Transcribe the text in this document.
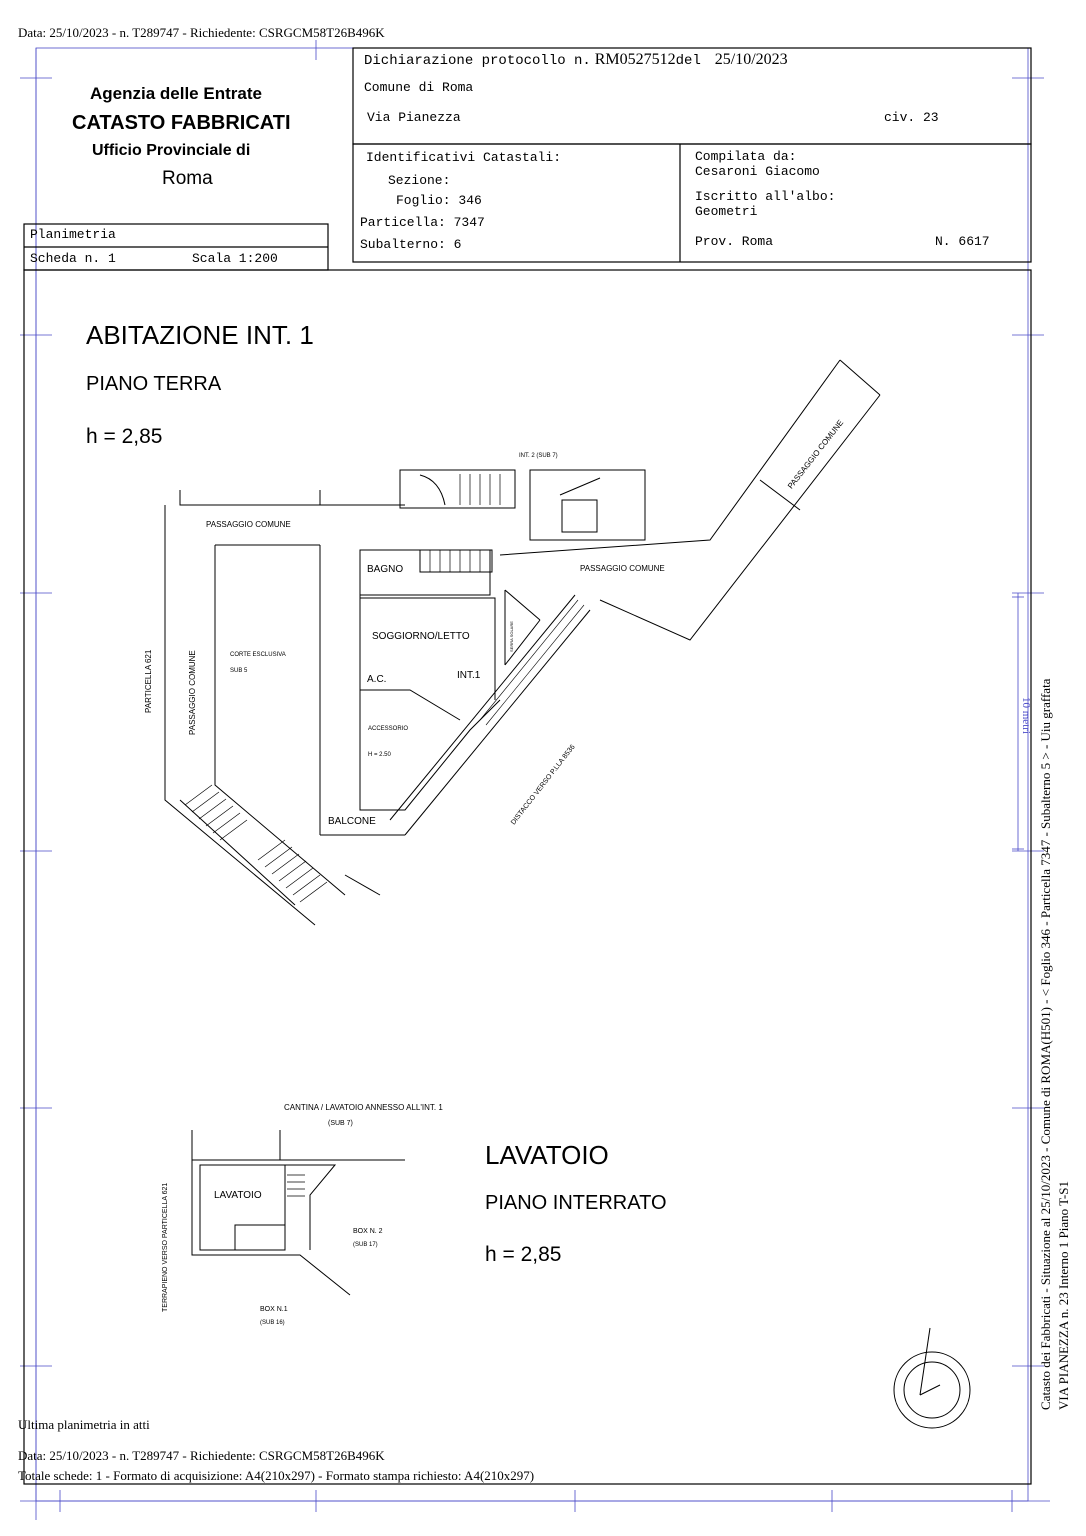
Data: 25/10/2023 - n. T289747 - Richiedente: CSRGCM58T26B496K
Agenzia delle Entrate
CATASTO FABBRICATI
Ufficio Provinciale di
Roma
Dichiarazione protocollo n. RM0527512del 25/10/2023
Comune di Roma
Via Pianezza	civ. 23
Planimetria
Scheda n. 1	Scala 1:200
Identificativi Catastali:
Sezione:
Foglio: 346
Particella: 7347
Subalterno: 6
Compilata da:
Cesaroni Giacomo
Iscritto all'albo:
Geometri
Prov. Roma	N. 6617
ABITAZIONE INT. 1
PIANO TERRA
h = 2,85
PASSAGGIO COMUNE
PASSAGGIO COMUNE
PASSAGGIO COMUNE
PASSAGGIO COMUNE
PARTICELLA 621	CORTE ESCLUSIVA
SUB 5
INT. 2 (SUB 7)
BAGNO
SOGGIORNO/LETTO	SERRA SOLARE
A.C.	INT.1
ACCESSORIO
H = 2.50
BALCONE	DISTACCO VERSO P.LLA 8536
CANTINA / LAVATOIO ANNESSO ALL'INT. 1
(SUB 7)
LAVATOIO
TERRAPIENO VERSO PARTICELLA 621	BOX N. 2
(SUB 17)
BOX N.1
(SUB 16)
LAVATOIO
PIANO INTERRATO
h = 2,85	Catasto dei Fabbricati - Situazione al 25/10/2023 - Comune di ROMA(H501) - < Foglio 346 - Particella 7347 - Subalterno 5 > - Uiu graffata VIA PIANEZZA n. 23 Interno 1 Piano T-S1
10 metri
Ultima planimetria in atti
Data: 25/10/2023 - n. T289747 - Richiedente: CSRGCM58T26B496K
Totale schede: 1 - Formato di acquisizione: A4(210x297) - Formato stampa richiesto: A4(210x297)
